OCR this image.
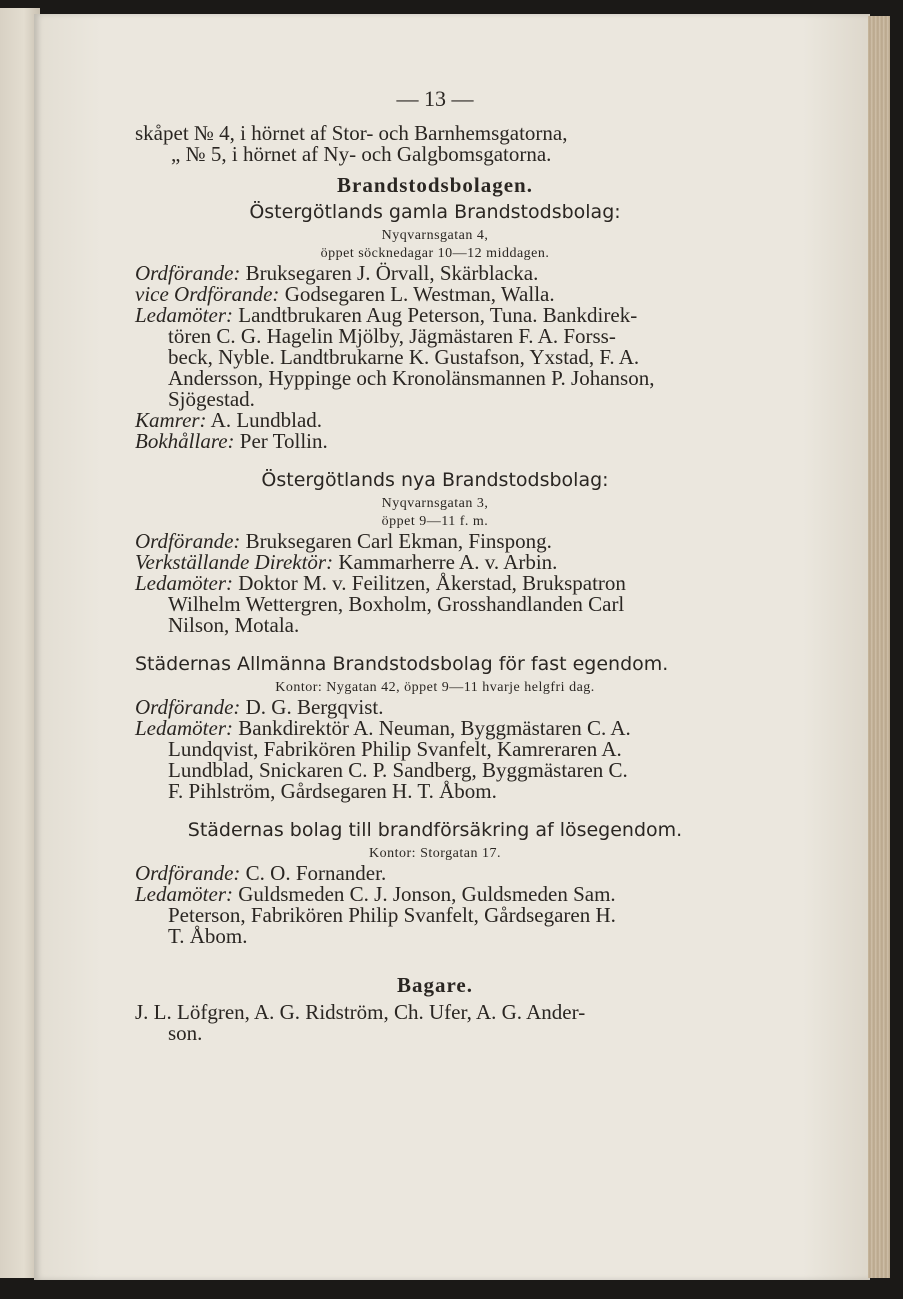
— 13 —
skåpet № 4, i hörnet af Stor- och Barnhemsgatorna,
„ № 5, i hörnet af Ny- och Galgbomsgatorna.
Brandstodsbolagen.
Östergötlands gamla Brandstodsbolag:
Nyqvarnsgatan 4,
öppet söcknedagar 10—12 middagen.
Ordförande: Bruksegaren J. Örvall, Skärblacka.
vice Ordförande: Godsegaren L. Westman, Walla.
Ledamöter: Landtbrukaren Aug Peterson, Tuna. Bankdirek-
tören C. G. Hagelin Mjölby, Jägmästaren F. A. Forss-
beck, Nyble. Landtbrukarne K. Gustafson, Yxstad, F. A.
Andersson, Hyppinge och Kronolänsmannen P. Johanson,
Sjögestad.
Kamrer: A. Lundblad.
Bokhållare: Per Tollin.
Östergötlands nya Brandstodsbolag:
Nyqvarnsgatan 3,
öppet 9—11 f. m.
Ordförande: Bruksegaren Carl Ekman, Finspong.
Verkställande Direktör: Kammarherre A. v. Arbin.
Ledamöter: Doktor M. v. Feilitzen, Åkerstad, Brukspatron
Wilhelm Wettergren, Boxholm, Grosshandlanden Carl
Nilson, Motala.
Städernas Allmänna Brandstodsbolag för fast egendom.
Kontor: Nygatan 42, öppet 9—11 hvarje helgfri dag.
Ordförande: D. G. Bergqvist.
Ledamöter: Bankdirektör A. Neuman, Byggmästaren C. A.
Lundqvist, Fabrikören Philip Svanfelt, Kamreraren A.
Lundblad, Snickaren C. P. Sandberg, Byggmästaren C.
F. Pihlström, Gårdsegaren H. T. Åbom.
Städernas bolag till brandförsäkring af lösegendom.
Kontor: Storgatan 17.
Ordförande: C. O. Fornander.
Ledamöter: Guldsmeden C. J. Jonson, Guldsmeden Sam.
Peterson, Fabrikören Philip Svanfelt, Gårdsegaren H.
T. Åbom.
Bagare.
J. L. Löfgren, A. G. Ridström, Ch. Ufer, A. G. Ander-
son.
